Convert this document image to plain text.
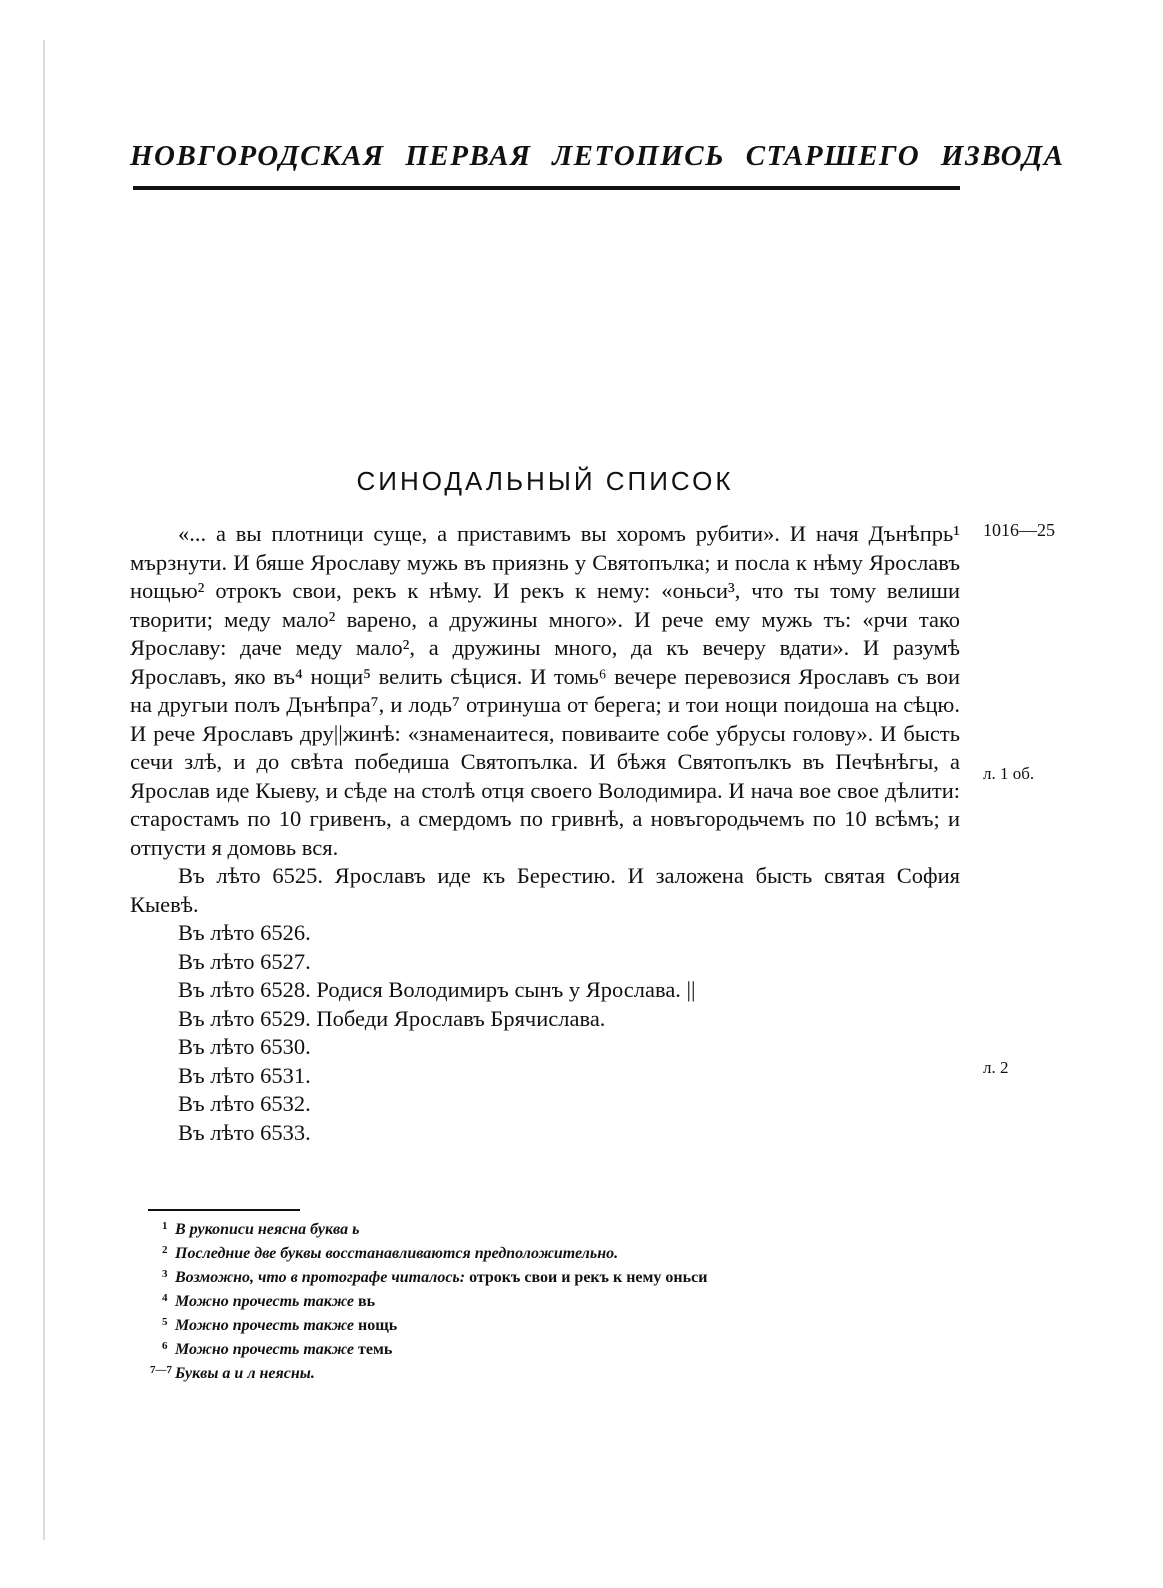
НОВГОРОДСКАЯ ПЕРВАЯ ЛЕТОПИСЬ СТАРШЕГО ИЗВОДА
СИНОДАЛЬНЫЙ СПИСОК
1016—25
л. 1 об.
л. 2

«... а вы плотници суще, а приставимъ вы хоромъ рубити». И начя Дънѣпрь¹ мързнути. И бяше Ярославу мужь въ приязнь у Святопълка; и посла к нѣму Ярославъ нощью² отрокъ свои, рекъ к нѣму. И рекъ к нему: «оньси³, что ты тому велиши творити; меду мало² варено, а дружины много». И рече ему мужь тъ: «рчи тако Ярославу: даче меду мало², а дружины много, да къ вечеру вдати». И разумѣ Ярославъ, яко въ⁴ нощи⁵ велить сѣцися. И томь⁶ вечере перевозися Ярославъ съ вои на другыи полъ Дънѣпра⁷, и лодь⁷ отринуша от берега; и тои нощи поидоша на сѣцю. И рече Ярославъ дру||жинѣ: «знаменаитеся, повиваите собе убрусы голову». И бысть сечи злѣ, и до свѣта победиша Святопълка. И бѣжя Святопълкъ въ Печѣнѣгы, а Ярослав иде Кыеву, и сѣде на столѣ отця своего Володимира. И нача вое свое дѣлити: старостамъ по 10 гривенъ, а смердомъ по гривнѣ, а новъгородьчемъ по 10 всѣмъ; и отпусти я домовь вся.

Въ лѣто 6525. Ярославъ иде къ Берестию. И заложена бысть святая София Кыевѣ.

Въ лѣто 6526.

Въ лѣто 6527.

Въ лѣто 6528. Родися Володимиръ сынъ у Ярослава. ||

Въ лѣто 6529. Победи Ярославъ Брячислава.

Въ лѣто 6530.

Въ лѣто 6531.

Въ лѣто 6532.

Въ лѣто 6533.

1 В рукописи неясна буква ь

2 Последние две буквы восстанавливаются предположительно.

3 Возможно, что в протографе читалось: отрокъ свои и рекъ к нему оньси

4 Можно прочесть также вь

5 Можно прочесть также нощь

6 Можно прочесть также темь

7—7 Буквы а и л неясны.
